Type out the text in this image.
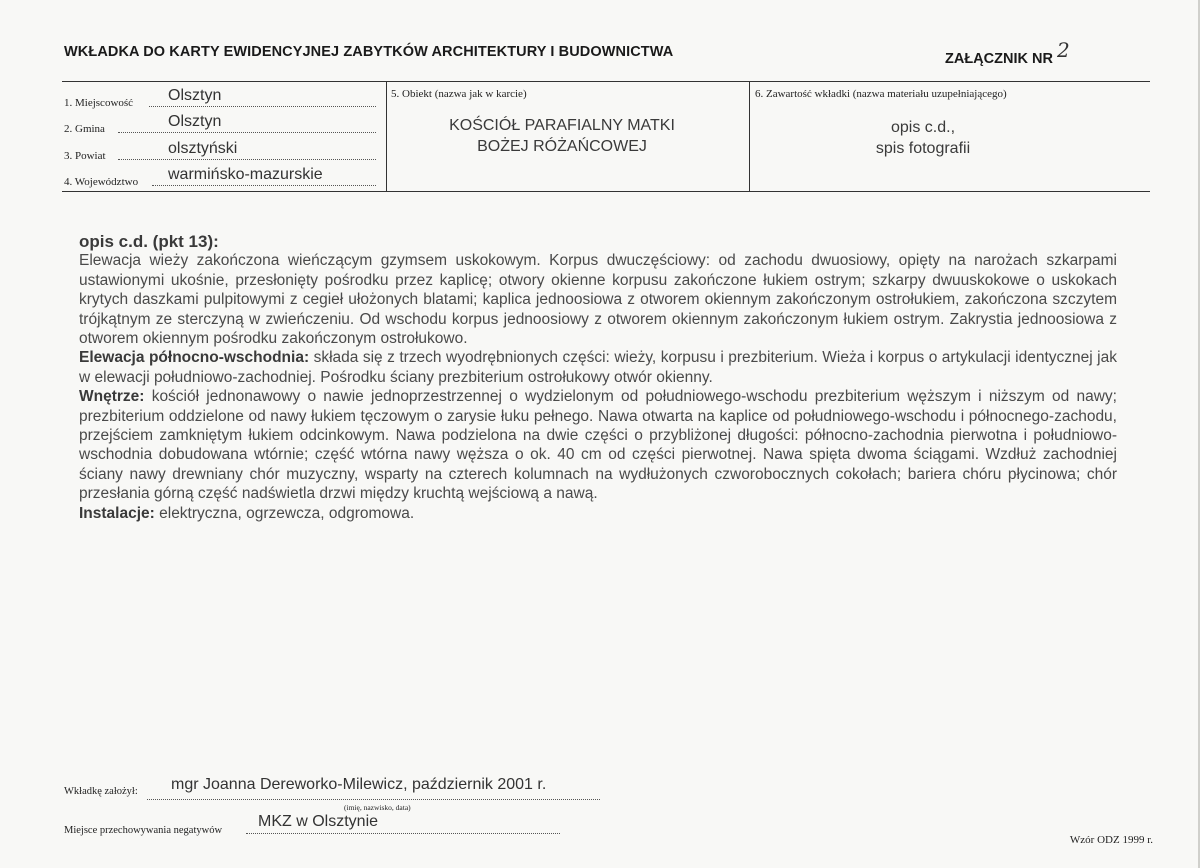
WKŁADKA DO KARTY EWIDENCYJNEJ ZABYTKÓW ARCHITEKTURY I BUDOWNICTWA	ZAŁĄCZNIK NR 2
1. Miejscowość Olsztyn
2. Gmina	Olsztyn
3. Powiat	olsztyński
4. Województwo warmińsko-mazurskie
5. Obiekt (nazwa jak w karcie)
KOŚCIÓŁ PARAFIALNY MATKI
BOŻEJ RÓŻAŃCOWEJ
6. Zawartość wkładki (nazwa materiału uzupełniającego)
opis c.d.,
spis fotografii
opis c.d. (pkt 13):

Elewacja wieży zakończona wieńczącym gzymsem uskokowym. Korpus dwuczęściowy: od zachodu dwuosiowy, opięty na narożach szkarpami ustawionymi ukośnie, przesłonięty pośrodku przez kaplicę; otwory okienne korpusu zakończone łukiem ostrym; szkarpy dwuuskokowe o uskokach krytych daszkami pulpitowymi z cegieł ułożonych blatami; kaplica jednoosiowa z otworem okiennym zakończonym ostrołukiem, zakończona szczytem trójkątnym ze sterczyną w zwieńczeniu. Od wschodu korpus jednoosiowy z otworem okiennym zakończonym łukiem ostrym. Zakrystia jednoosiowa z otworem okiennym pośrodku zakończonym ostrołukowo.

Elewacja północno-wschodnia: składa się z trzech wyodrębnionych części: wieży, korpusu i prezbiterium. Wieża i korpus o artykulacji identycznej jak w elewacji południowo-zachodniej. Pośrodku ściany prezbiterium ostrołukowy otwór okienny.

Wnętrze: kościół jednonawowy o nawie jednoprzestrzennej o wydzielonym od południowego-wschodu prezbiterium węższym i niższym od nawy; prezbiterium oddzielone od nawy łukiem tęczowym o zarysie łuku pełnego. Nawa otwarta na kaplice od południowego-wschodu i północnego-zachodu, przejściem zamkniętym łukiem odcinkowym. Nawa podzielona na dwie części o przybliżonej długości: północno-zachodnia pierwotna i południowo-wschodnia dobudowana wtórnie; część wtórna nawy węższa o ok. 40 cm od części pierwotnej. Nawa spięta dwoma ściągami. Wzdłuż zachodniej ściany nawy drewniany chór muzyczny, wsparty na czterech kolumnach na wydłużonych czworobocznych cokołach; bariera chóru płycinowa; chór przesłania górną część nadświetla drzwi między kruchtą wejściową a nawą.

Instalacje: elektryczna, ogrzewcza, odgromowa.

Wkładkę założył: mgr Joanna Dereworko-Milewicz, październik 2001 r.
(imię, nazwisko, data)
Miejsce przechowywania negatywów
MKZ w Olsztynie
Wzór ODZ 1999 r.
